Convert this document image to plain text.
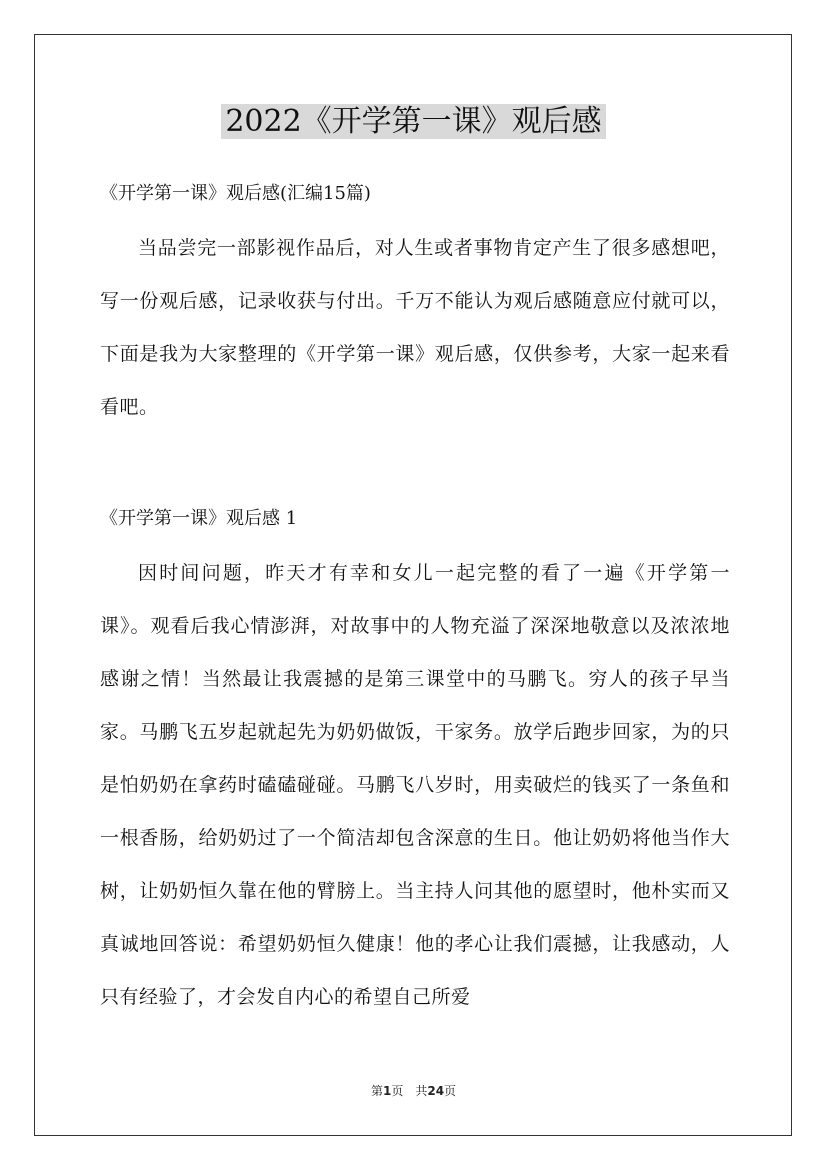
2022《开学第一课》观后感
《开学第一课》观后感(汇编15篇)

当品尝完一部影视作品后，对人生或者事物肯定产生了很多感想吧，写一份观后感，记录收获与付出。千万不能认为观后感随意应付就可以，下面是我为大家整理的《开学第一课》观后感，仅供参考，大家一起来看看吧。

《开学第一课》观后感 1

因时间问题，昨天才有幸和女儿一起完整的看了一遍《开学第一课》。观看后我心情澎湃，对故事中的人物充溢了深深地敬意以及浓浓地感谢之情！当然最让我震撼的是第三课堂中的马鹏飞。穷人的孩子早当家。马鹏飞五岁起就起先为奶奶做饭，干家务。放学后跑步回家，为的只是怕奶奶在拿药时磕磕碰碰。马鹏飞八岁时，用卖破烂的钱买了一条鱼和一根香肠，给奶奶过了一个简洁却包含深意的生日。他让奶奶将他当作大树，让奶奶恒久靠在他的臂膀上。当主持人问其他的愿望时，他朴实而又真诚地回答说：希望奶奶恒久健康！他的孝心让我们震撼，让我感动，人只有经验了，才会发自内心的希望自己所爱

第1页 共24页
